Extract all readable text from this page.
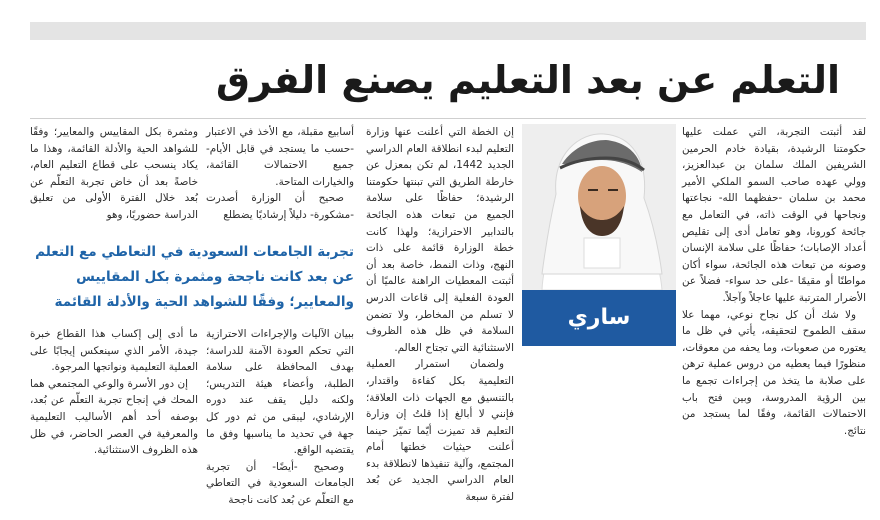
التعلم عن بعد التعليم يصنع الفرق

لقد أثبتت التجربة، التي عملت عليها حكومتنا الرشيدة، بقيادة خادم الحرمين الشريفين الملك سلمان بن عبدالعزيز، وولي عهده صاحب السمو الملكي الأمير محمد بن سلمان -حفظهما الله- نجاعتها ونجاحها في الوقت ذاته، في التعامل مع جائحة كورونا، وهو تعامل أدى إلى تقليص أعداد الإصابات؛ حفاظًا على سلامة الإنسان وصونه من تبعات هذه الجائحة، سواء أكان مواطنًا أو مقيمًا -على حد سواء- فضلاً عن الأضرار المترتبة عليها عاجلاً وآجلاً.

ولا شك أن كل نجاح نوعي، مهما علا سقف الطموح لتحقيقه، يأتي في ظل ما يعتوره من صعوبات، وما يحفه من معوقات، منظورًا فيما يعطيه من دروس عملية ترهن على صلابة ما يتخذ من إجراءات تجمع ما بين الرؤية المدروسة، وبين فتح باب الاحتمالات القائمة، وفقًا لما يستجد من نتائج.

ساري الزهراني

إن الخطة التي أعلنت عنها وزارة التعليم لبدء انطلاقة العام الدراسي الجديد 1442، لم تكن بمعزل عن خارطة الطريق التي تبنتها حكومتنا الرشيدة؛ حفاظًا على سلامة الجميع من تبعات هذه الجائحة بالتدابير الاحترازية؛ ولهذا كانت خطة الوزارة قائمة على ذات النهج، وذات النمط، خاصة بعد أن أثبتت المعطيات الراهنة عالميًا أن العودة الفعلية إلى قاعات الدرس لا تسلم من المخاطر، ولا تضمن السلامة في ظل هذه الظروف الاستثنائية التي تجتاح العالم.

ولضمان استمرار العملية التعليمية بكل كفاءة واقتدار، بالتنسيق مع الجهات ذات العلاقة؛ فإنني لا أبالغ إذا قلتُ إن وزارة التعليم قد تميزت أيّما تميّز حينما أعلنت حيثيات خطتها أمام المجتمع، وآلية تنفيذها لانطلاقة بدء العام الدراسي الجديد عن بُعد لفترة سبعة

أسابيع مقبلة، مع الأخذ في الاعتبار -حسب ما يستجد في قابل الأيام- جميع الاحتمالات القائمة، والخيارات المتاحة.

صحيح أن الوزارة أصدرت -مشكورة- دليلاً إرشاديًا يضطلع

ومثمرة بكل المقاييس والمعايير؛ وفقًا للشواهد الحية والأدلة القائمة، وهذا ما يكاد ينسحب على قطاع التعليم العام، خاصةً بعد أن خاض تجربة التعلّم عن بُعد خلال الفترة الأولى من تعليق الدراسة حضوريًا، وهو

تجربة الجامعات السعودية في التعاطي مع التعلم عن بعد كانت ناجحة ومثمرة بكل المقاييس والمعايير؛ وفقًا للشواهد الحية والأدلة القائمة

ببيان الآليات والإجراءات الاحترازية التي تحكم العودة الآمنة للدراسة؛ بهدف المحافظة على سلامة الطلبة، وأعضاء هيئة التدريس؛ ولكنه دليل يقف عند دوره الإرشادي، ليبقى من ثم دور كل جهة في تحديد ما يناسبها وفق ما يقتضيه الواقع.

وصحيح -أيضًا- أن تجربة الجامعات السعودية في التعاطي مع التعلّم عن بُعد كانت ناجحة

ما أدى إلى إكساب هذا القطاع خبرة جيدة، الأمر الذي سينعكس إيجابًا على العملية التعليمية ونواتجها المرجوة.

إن دور الأسرة والوعي المجتمعي هما المحك في إنجاح تجربة التعلّم عن بُعد، بوصفه أحد أهم الأساليب التعليمية والمعرفية في العصر الحاضر، في ظل هذه الظروف الاستثنائية.
